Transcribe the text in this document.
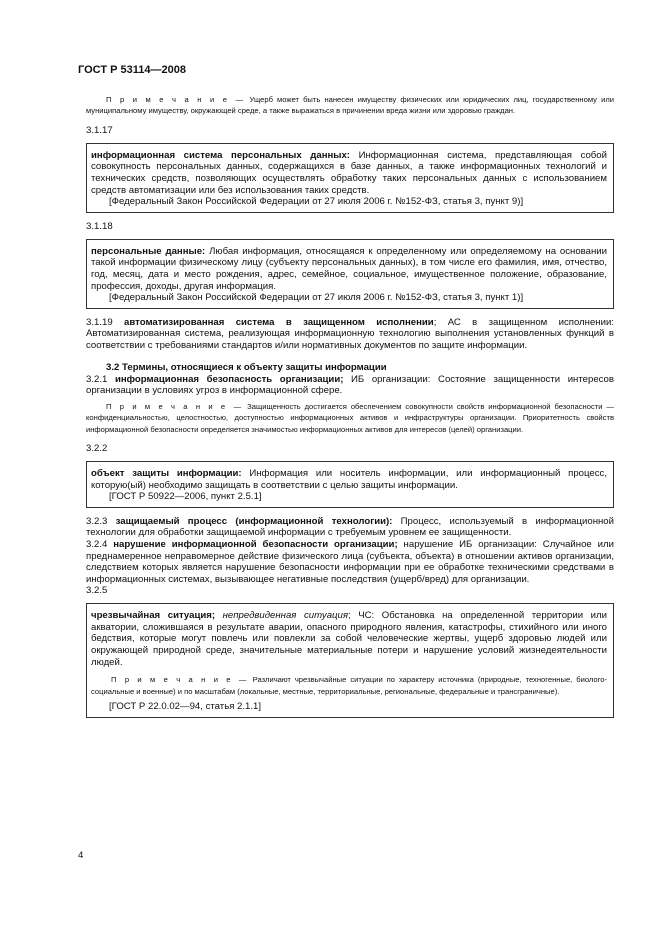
ГОСТ Р 53114—2008

П р и м е ч а н и е — Ущерб может быть нанесен имуществу физических или юридических лиц, государственному или муниципальному имуществу, окружающей среде, а также выражаться в причинении вреда жизни или здоровью граждан.

3.1.17

информационная система персональных данных: Информационная система, представляющая собой совокупность персональных данных, содержащихся в базе данных, а также информационных технологий и технических средств, позволяющих осуществлять обработку таких персональных данных с использованием средств автоматизации или без использования таких средств.

[Федеральный Закон Российской Федерации от 27 июля 2006 г. №152-ФЗ, статья 3, пункт 9)]

3.1.18

персональные данные: Любая информация, относящаяся к определенному или определяемому на основании такой информации физическому лицу (субъекту персональных данных), в том числе его фамилия, имя, отчество, год, месяц, дата и место рождения, адрес, семейное, социальное, имущественное положение, образование, профессия, доходы, другая информация.

[Федеральный Закон Российской Федерации от 27 июля 2006 г. №152-ФЗ, статья 3, пункт 1)]

3.1.19 автоматизированная система в защищенном исполнении; АС в защищенном исполнении: Автоматизированная система, реализующая информационную технологию выполнения установленных функций в соответствии с требованиями стандартов и/или нормативных документов по защите информации.

3.2 Термины, относящиеся к объекту защиты информации

3.2.1 информационная безопасность организации; ИБ организации: Состояние защищенности интересов организации в условиях угроз в информационной сфере.

П р и м е ч а н и е — Защищенность достигается обеспечением совокупности свойств информационной безопасности — конфиденциальностью, целостностью, доступностью информационных активов и инфраструктуры организации. Приоритетность свойств информационной безопасности определяется значимостью информационных активов для интересов (целей) организации.

3.2.2

объект защиты информации: Информация или носитель информации, или информационный процесс, которую(ый) необходимо защищать в соответствии с целью защиты информации.

[ГОСТ Р 50922—2006, пункт 2.5.1]

3.2.3 защищаемый процесс (информационной технологии): Процесс, используемый в информационной технологии для обработки защищаемой информации с требуемым уровнем ее защищенности.

3.2.4 нарушение информационной безопасности организации; нарушение ИБ организации: Случайное или преднамеренное неправомерное действие физического лица (субъекта, объекта) в отношении активов организации, следствием которых является нарушение безопасности информации при ее обработке техническими средствами в информационных системах, вызывающее негативные последствия (ущерб/вред) для организации.

3.2.5

чрезвычайная ситуация; непредвиденная ситуация; ЧС: Обстановка на определенной территории или акватории, сложившаяся в результате аварии, опасного природного явления, катастрофы, стихийного или иного бедствия, которые могут повлечь или повлекли за собой человеческие жертвы, ущерб здоровью людей или окружающей природной среде, значительные материальные потери и нарушение условий жизнедеятельности людей.

П р и м е ч а н и е — Различают чрезвычайные ситуации по характеру источника (природные, техногенные, биолого-социальные и военные) и по масштабам (локальные, местные, территориальные, региональные, федеральные и трансграничные).

[ГОСТ Р 22.0.02—94, статья 2.1.1]

4
